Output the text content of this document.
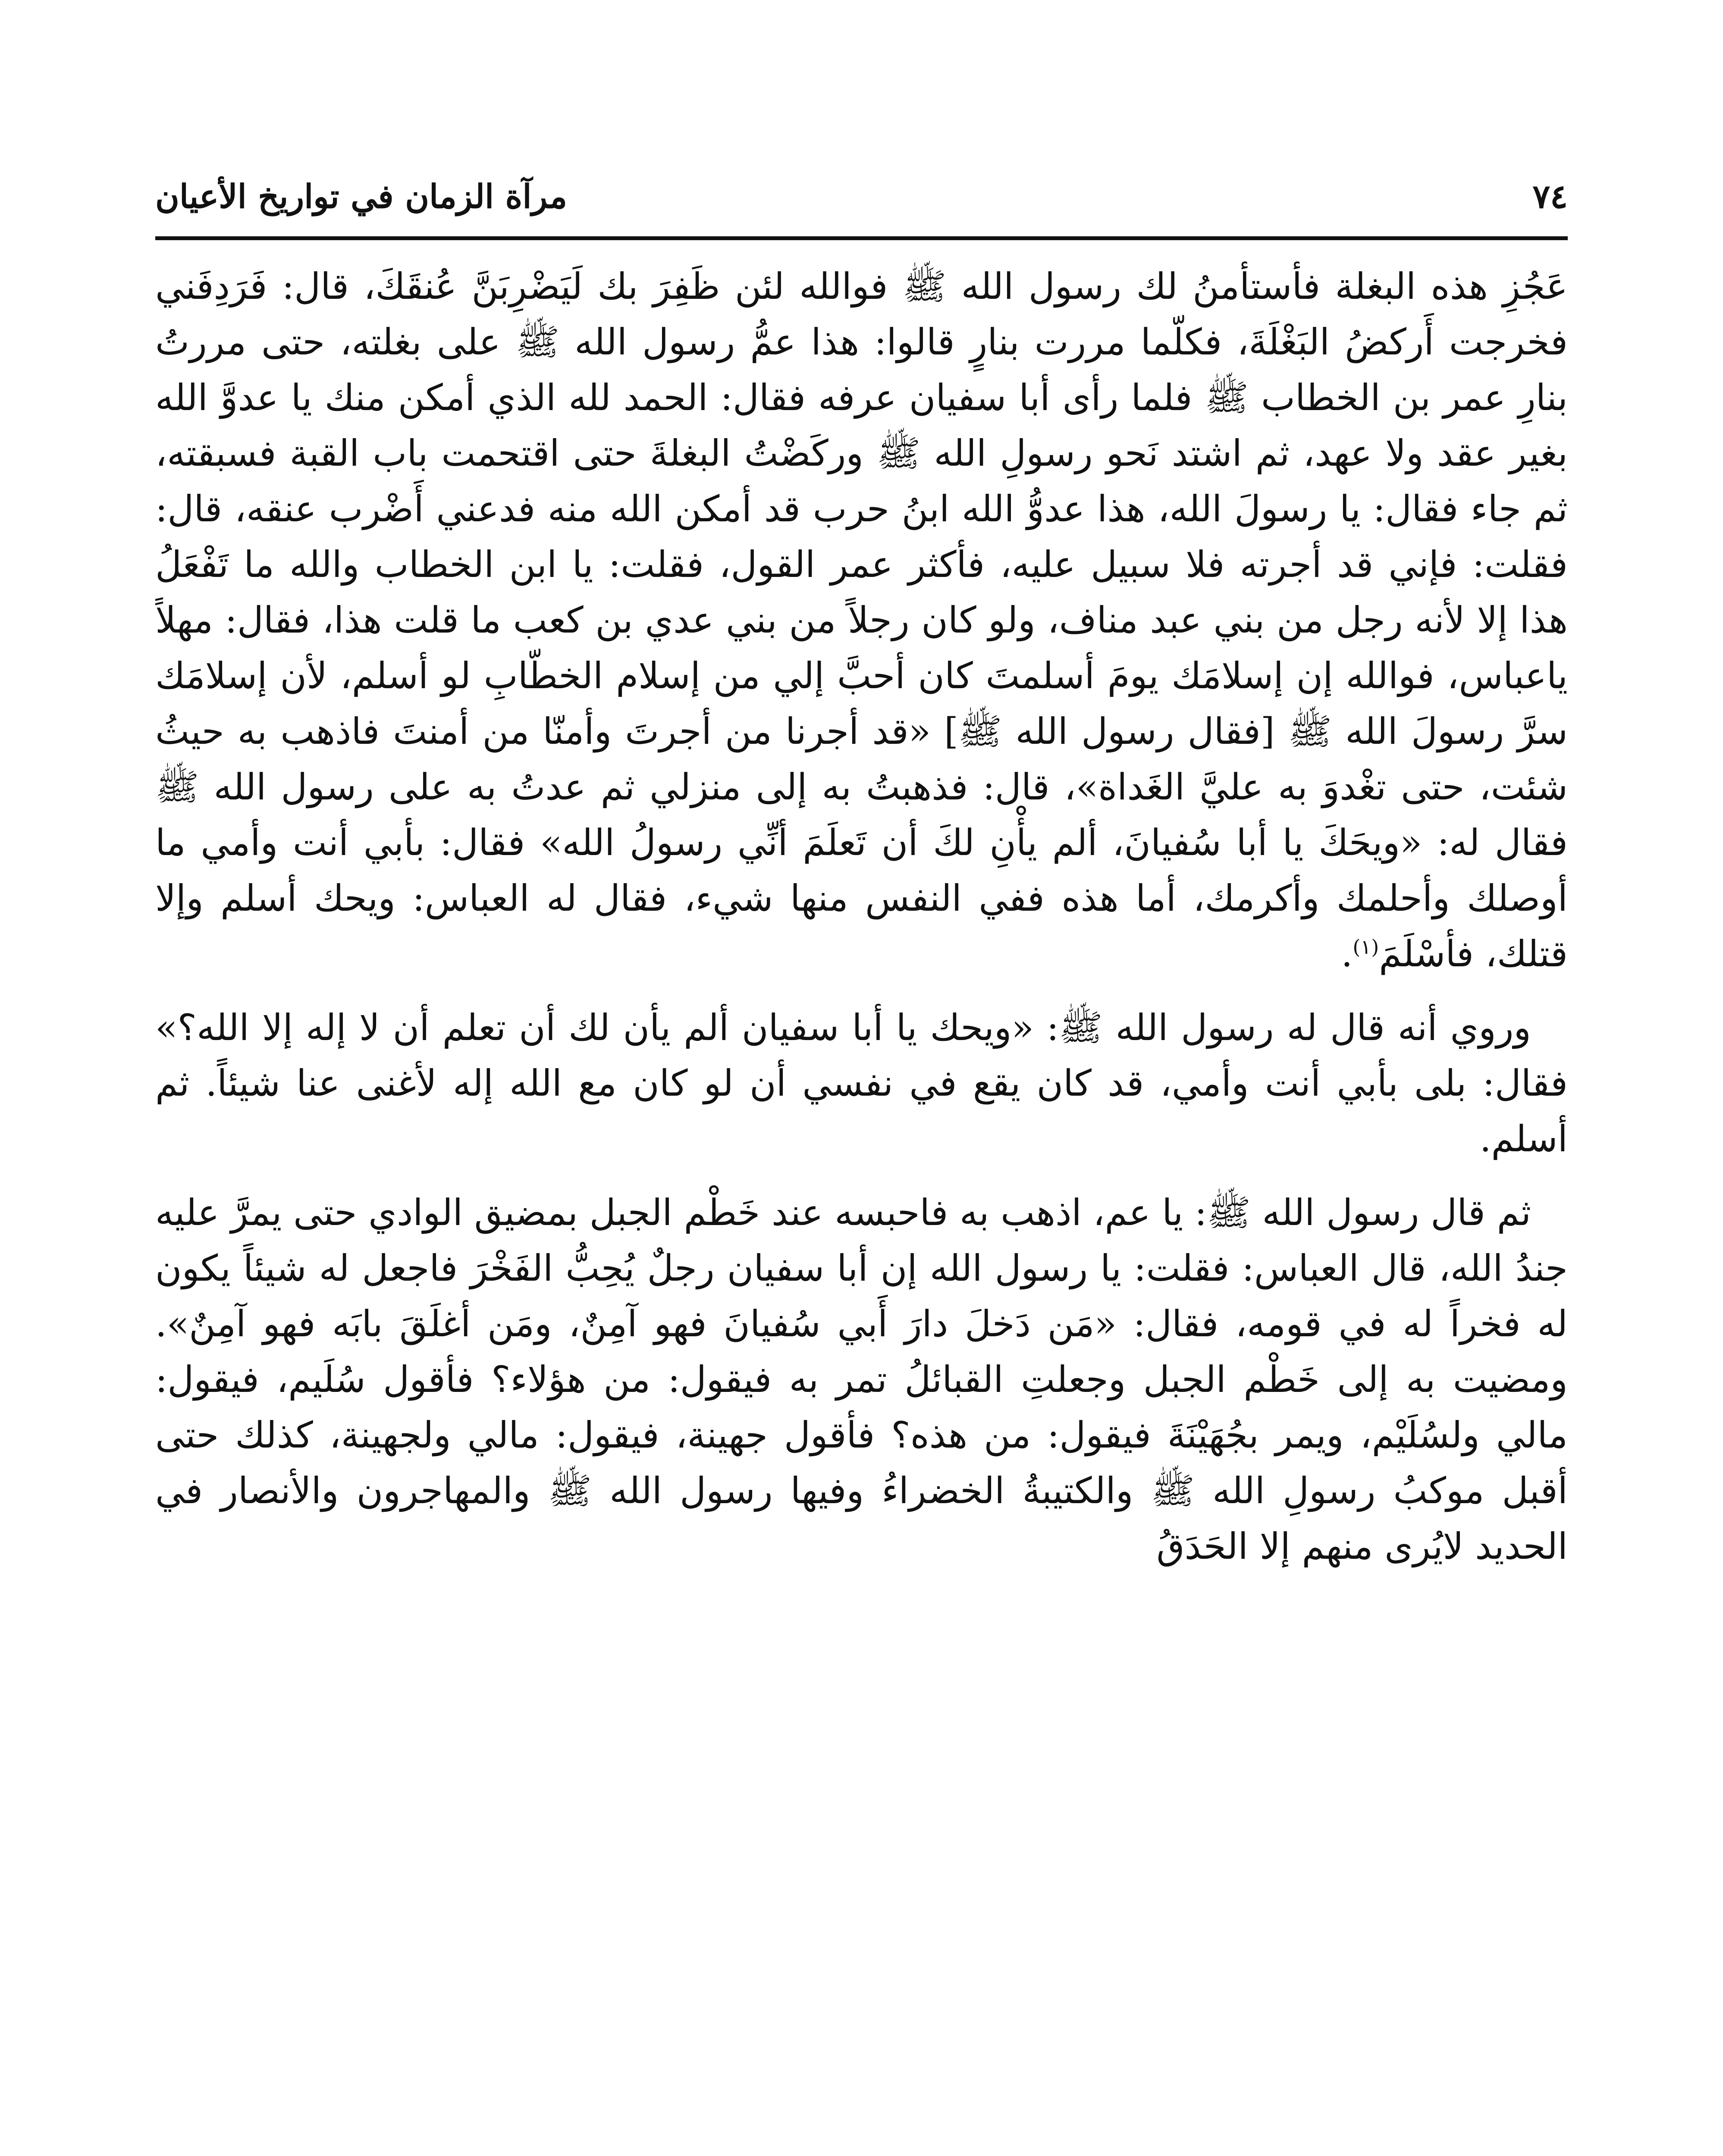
٧٤
مرآة الزمان في تواريخ الأعيان

عَجُزِ هذه البغلة فأستأمنُ لك رسول الله ﷺ فوالله لئن ظَفِرَ بك لَيَضْرِبَنَّ عُنقَكَ، قال: فَرَدِفَني فخرجت أَركضُ البَغْلَةَ، فكلّما مررت بنارٍ قالوا: هذا عمُّ رسول الله ﷺ على بغلته، حتى مررتُ بنارِ عمر بن الخطاب ﷺ فلما رأى أبا سفيان عرفه فقال: الحمد لله الذي أمكن منك يا عدوَّ الله بغير عقد ولا عهد، ثم اشتد نَحو رسولِ الله ﷺ وركَضْتُ البغلةَ حتى اقتحمت باب القبة فسبقته، ثم جاء فقال: يا رسولَ الله، هذا عدوُّ الله ابنُ حرب قد أمكن الله منه فدعني أَضْرب عنقه، قال: فقلت: فإني قد أجرته فلا سبيل عليه، فأكثر عمر القول، فقلت: يا ابن الخطاب والله ما تَفْعَلُ هذا إلا لأنه رجل من بني عبد مناف، ولو كان رجلاً من بني عدي بن كعب ما قلت هذا، فقال: مهلاً ياعباس، فوالله إن إسلامَك يومَ أسلمتَ كان أحبَّ إلي من إسلام الخطّابِ لو أسلم، لأن إسلامَك سرَّ رسولَ الله ﷺ [فقال رسول الله ﷺ] «قد أجرنا من أجرتَ وأمنّا من أمنتَ فاذهب به حيثُ شئت، حتى تغْدوَ به عليَّ الغَداة»، قال: فذهبتُ به إلى منزلي ثم عدتُ به على رسول الله ﷺ فقال له: «ويحَكَ يا أبا سُفيانَ، ألم يأْنِ لكَ أن تَعلَمَ أنِّي رسولُ الله» فقال: بأبي أنت وأمي ما أوصلك وأحلمك وأكرمك، أما هذه ففي النفس منها شيء، فقال له العباس: ويحك أسلم وإلا قتلك، فأسْلَمَ$^{(١)}$.

وروي أنه قال له رسول الله ﷺ: «ويحك يا أبا سفيان ألم يأن لك أن تعلم أن لا إله إلا الله؟» فقال: بلى بأبي أنت وأمي، قد كان يقع في نفسي أن لو كان مع الله إله لأغنى عنا شيئاً. ثم أسلم.

ثم قال رسول الله ﷺ: يا عم، اذهب به فاحبسه عند خَطْم الجبل بمضيق الوادي حتى يمرَّ عليه جندُ الله، قال العباس: فقلت: يا رسول الله إن أبا سفيان رجلٌ يُحِبُّ الفَخْرَ فاجعل له شيئاً يكون له فخراً له في قومه، فقال: «مَن دَخلَ دارَ أَبي سُفيانَ فهو آمِنٌ، ومَن أغلَقَ بابَه فهو آمِنٌ». ومضيت به إلى خَطْم الجبل وجعلتِ القبائلُ تمر به فيقول: من هؤلاء؟ فأقول سُلَيم، فيقول: مالي ولسُلَيْم، ويمر بجُهَيْنَةَ فيقول: من هذه؟ فأقول جهينة، فيقول: مالي ولجهينة، كذلك حتى أقبل موكبُ رسولِ الله ﷺ والكتيبةُ الخضراءُ وفيها رسول الله ﷺ والمهاجرون والأنصار في الحديد لايُرى منهم إلا الحَدَقُ
